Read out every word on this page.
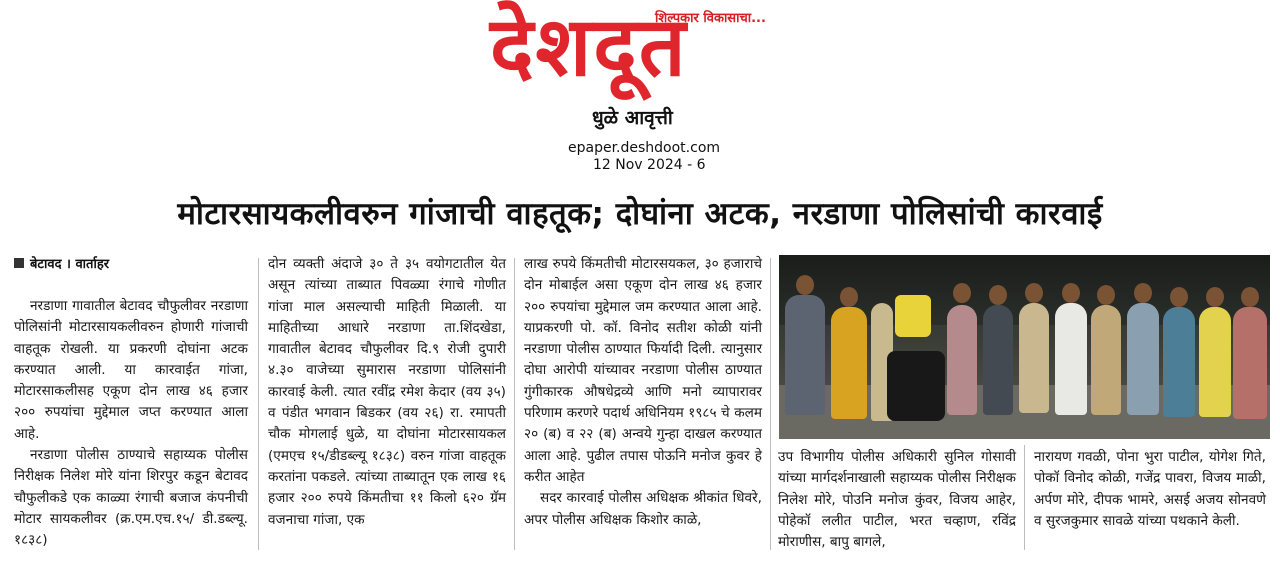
शिल्पकार विकासाचा...
देशदूत
धुळे आवृत्ती
epaper.deshdoot.com
12 Nov 2024 - 6
मोटारसायकलीवरुन गांजाची वाहतूक; दोघांना अटक, नरडाणा पोलिसांची कारवाई
बेटावद । वार्ताहर

नरडाणा गावातील बेटावद चौफुलीवर नरडाणा पोलिसांनी मोटारसायकलीवरुन होणारी गांजाची वाहतूक रोखली. या प्रकरणी दोघांना अटक करण्यात आली. या कारवाईत गांजा, मोटारसाकलीसह एकूण दोन लाख ४६ हजार २०० रुपयांचा मुद्देमाल जप्त करण्यात आला आहे.

नरडाणा पोलीस ठाण्याचे सहाय्यक पोलीस निरीक्षक निलेश मोरे यांना शिरपुर कडून बेटावद चौफुलीकडे एक काळ्या रंगाची बजाज कंपनीची मोटार सायकलीवर (क्र.एम.एच.१५/ डी.डब्ल्यू. १८३८)

दोन व्यक्ती अंदाजे ३० ते ३५ वयोगटातील येत असून त्यांच्या ताब्यात पिवळ्या रंगाचे गोणीत गांजा माल असल्याची माहिती मिळाली. या माहितीच्या आधारे नरडाणा ता.शिंदखेडा, गावातील बेटावद चौफुलीवर दि.९ रोजी दुपारी ४.३० वाजेच्या सुमारास नरडाणा पोलिसांनी कारवाई केली. त्यात रवींद्र रमेश केदार (वय ३५) व पंडीत भगवान बिडकर (वय २६) रा. रमापती चौक मोगलाई धुळे, या दोघांना मोटारसायकल (एमएच १५/डीडब्ल्यू १८३८) वरुन गांजा वाहतूक करतांना पकडले. त्यांच्या ताब्यातून एक लाख १६ हजार २०० रुपये किंमतीचा ११ किलो ६२० ग्रॅम वजनाचा गांजा, एक

लाख रुपये किंमतीची मोटारसयकल, ३० हजाराचे दोन मोबाईल असा एकूण दोन लाख ४६ हजार २०० रुपयांचा मुद्देमाल जम करण्यात आला आहे. याप्रकरणी पो. कॉ. विनोद सतीश कोळी यांनी नरडाणा पोलीस ठाण्यात फिर्यादी दिली. त्यानुसार दोघा आरोपी यांच्यावर नरडाणा पोलीस ठाण्यात गुंगीकारक औषधेद्रव्ये आणि मनो व्यापारावर परिणाम करणरे पदार्थ अधिनियम १९८५ चे कलम २० (ब) व २२ (ब) अन्वये गुन्हा दाखल करण्यात आला आहे. पुढील तपास पोऊनि मनोज कुवर हे करीत आहेत

सदर कारवाई पोलीस अधिक्षक श्रीकांत धिवरे, अपर पोलीस अधिक्षक किशोर काळे,

उप विभागीय पोलीस अधिकारी सुनिल गोसावी यांच्या मार्गदर्शनाखाली सहाय्यक पोलीस निरीक्षक निलेश मोरे, पोउनि मनोज कुंवर, विजय आहेर, पोहेकॉ ललीत पाटील, भरत चव्हाण, रविंद्र मोराणीस, बापु बागले,

नारायण गवळी, पोना भुरा पाटील, योगेश गिते, पोकॉ विनोद कोळी, गजेंद्र पावरा, विजय माळी, अर्पण मोरे, दीपक भामरे, असई अजय सोनवणे व सुरजकुमार सावळे यांच्या पथकाने केली.
